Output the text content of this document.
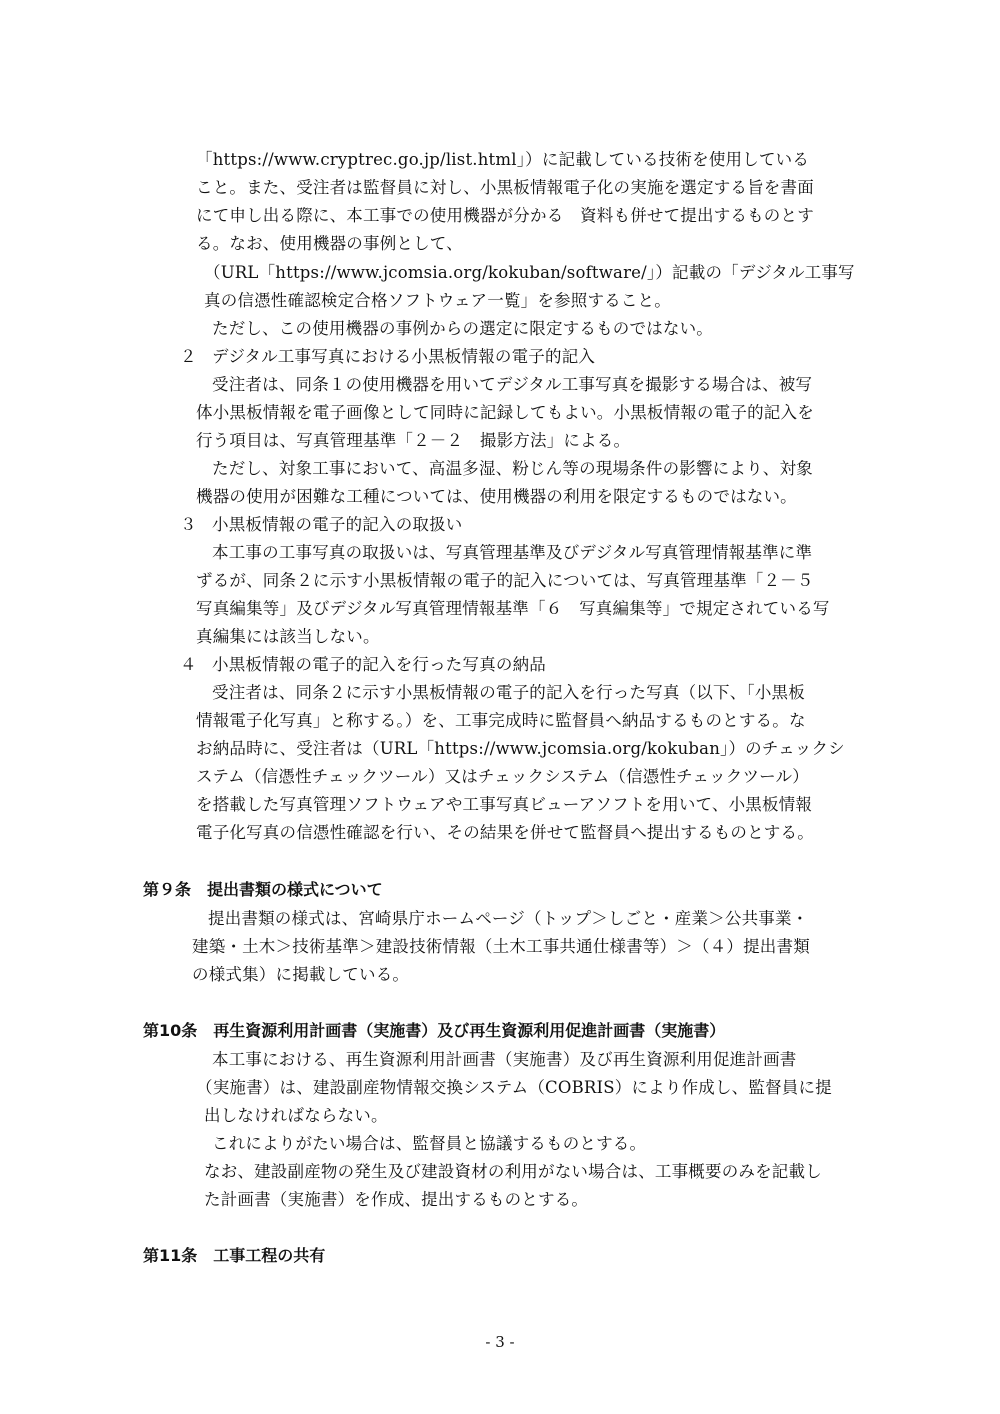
「https://www.cryptrec.go.jp/list.html」）に記載している技術を使用している
こと。また、受注者は監督員に対し、小黒板情報電子化の実施を選定する旨を書面
にて申し出る際に、本工事での使用機器が分かる　資料も併せて提出するものとす
る。なお、使用機器の事例として、
（URL「https://www.jcomsia.org/kokuban/software/」）記載の「デジタル工事写
真の信憑性確認検定合格ソフトウェア一覧」を参照すること。
ただし、この使用機器の事例からの選定に限定するものではない。
２ デジタル工事写真における小黒板情報の電子的記入
受注者は、同条１の使用機器を用いてデジタル工事写真を撮影する場合は、被写
体小黒板情報を電子画像として同時に記録してもよい。小黒板情報の電子的記入を
行う項目は、写真管理基準「２－２　撮影方法」による。
ただし、対象工事において、高温多湿、粉じん等の現場条件の影響により、対象
機器の使用が困難な工種については、使用機器の利用を限定するものではない。
３ 小黒板情報の電子的記入の取扱い
本工事の工事写真の取扱いは、写真管理基準及びデジタル写真管理情報基準に準
ずるが、同条２に示す小黒板情報の電子的記入については、写真管理基準「２－５
写真編集等」及びデジタル写真管理情報基準「６　写真編集等」で規定されている写
真編集には該当しない。
４ 小黒板情報の電子的記入を行った写真の納品
受注者は、同条２に示す小黒板情報の電子的記入を行った写真（以下、「小黒板
情報電子化写真」と称する。）を、工事完成時に監督員へ納品するものとする。な
お納品時に、受注者は（URL「https://www.jcomsia.org/kokuban」）のチェックシ
ステム（信憑性チェックツール）又はチェックシステム（信憑性チェックツール）
を搭載した写真管理ソフトウェアや工事写真ビューアソフトを用いて、小黒板情報
電子化写真の信憑性確認を行い、その結果を併せて監督員へ提出するものとする。
第９条　提出書類の様式について
提出書類の様式は、宮崎県庁ホームページ（トップ＞しごと・産業＞公共事業・
建築・土木＞技術基準＞建設技術情報（土木工事共通仕様書等）＞（４）提出書類
の様式集）に掲載している。
第10条　再生資源利用計画書（実施書）及び再生資源利用促進計画書（実施書）
本工事における、再生資源利用計画書（実施書）及び再生資源利用促進計画書
（実施書）は、建設副産物情報交換システム（COBRIS）により作成し、監督員に提
出しなければならない。
これによりがたい場合は、監督員と協議するものとする。
なお、建設副産物の発生及び建設資材の利用がない場合は、工事概要のみを記載し
た計画書（実施書）を作成、提出するものとする。
第11条　工事工程の共有
- 3 -
